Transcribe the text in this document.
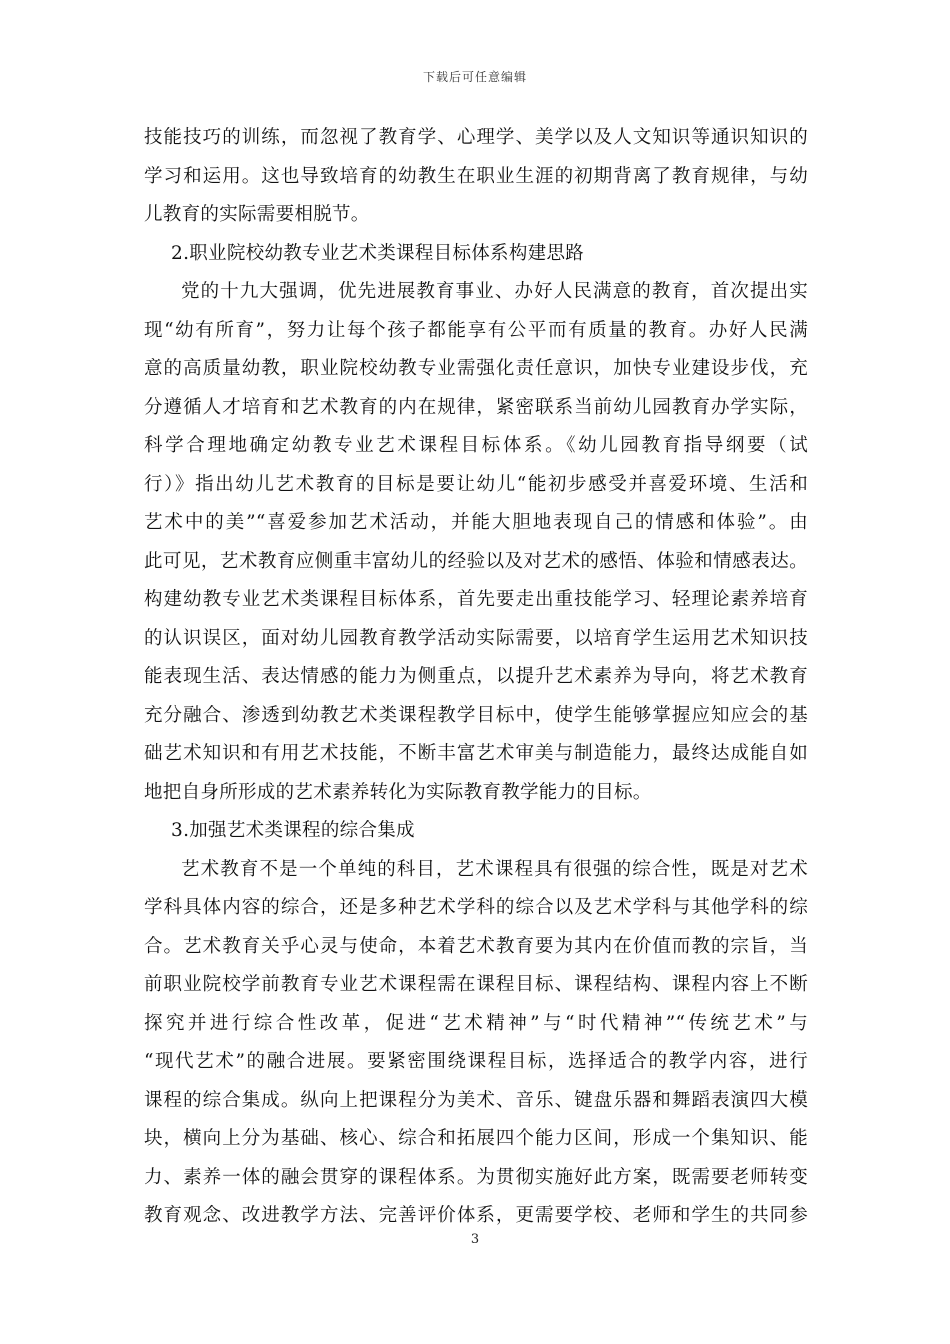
下载后可任意编辑
技能技巧的训练，而忽视了教育学、心理学、美学以及人文知识等通识知识的
学习和运用。这也导致培育的幼教生在职业生涯的初期背离了教育规律，与幼
儿教育的实际需要相脱节。
2.职业院校幼教专业艺术类课程目标体系构建思路
党的十九大强调，优先进展教育事业、办好人民满意的教育，首次提出实
现“幼有所育”，努力让每个孩子都能享有公平而有质量的教育。办好人民满
意的高质量幼教，职业院校幼教专业需强化责任意识，加快专业建设步伐，充
分遵循人才培育和艺术教育的内在规律，紧密联系当前幼儿园教育办学实际，
科学合理地确定幼教专业艺术课程目标体系。《幼儿园教育指导纲要（试
行）》指出幼儿艺术教育的目标是要让幼儿“能初步感受并喜爱环境、生活和
艺术中的美”“喜爱参加艺术活动，并能大胆地表现自己的情感和体验”。由
此可见，艺术教育应侧重丰富幼儿的经验以及对艺术的感悟、体验和情感表达。
构建幼教专业艺术类课程目标体系，首先要走出重技能学习、轻理论素养培育
的认识误区，面对幼儿园教育教学活动实际需要，以培育学生运用艺术知识技
能表现生活、表达情感的能力为侧重点，以提升艺术素养为导向，将艺术教育
充分融合、渗透到幼教艺术类课程教学目标中，使学生能够掌握应知应会的基
础艺术知识和有用艺术技能，不断丰富艺术审美与制造能力，最终达成能自如
地把自身所形成的艺术素养转化为实际教育教学能力的目标。
3.加强艺术类课程的综合集成
艺术教育不是一个单纯的科目，艺术课程具有很强的综合性，既是对艺术
学科具体内容的综合，还是多种艺术学科的综合以及艺术学科与其他学科的综
合。艺术教育关乎心灵与使命，本着艺术教育要为其内在价值而教的宗旨，当
前职业院校学前教育专业艺术课程需在课程目标、课程结构、课程内容上不断
探究并进行综合性改革，促进“艺术精神”与“时代精神”“传统艺术”与
“现代艺术”的融合进展。要紧密围绕课程目标，选择适合的教学内容，进行
课程的综合集成。纵向上把课程分为美术、音乐、键盘乐器和舞蹈表演四大模
块，横向上分为基础、核心、综合和拓展四个能力区间，形成一个集知识、能
力、素养一体的融会贯穿的课程体系。为贯彻实施好此方案，既需要老师转变
教育观念、改进教学方法、完善评价体系，更需要学校、老师和学生的共同参
3
